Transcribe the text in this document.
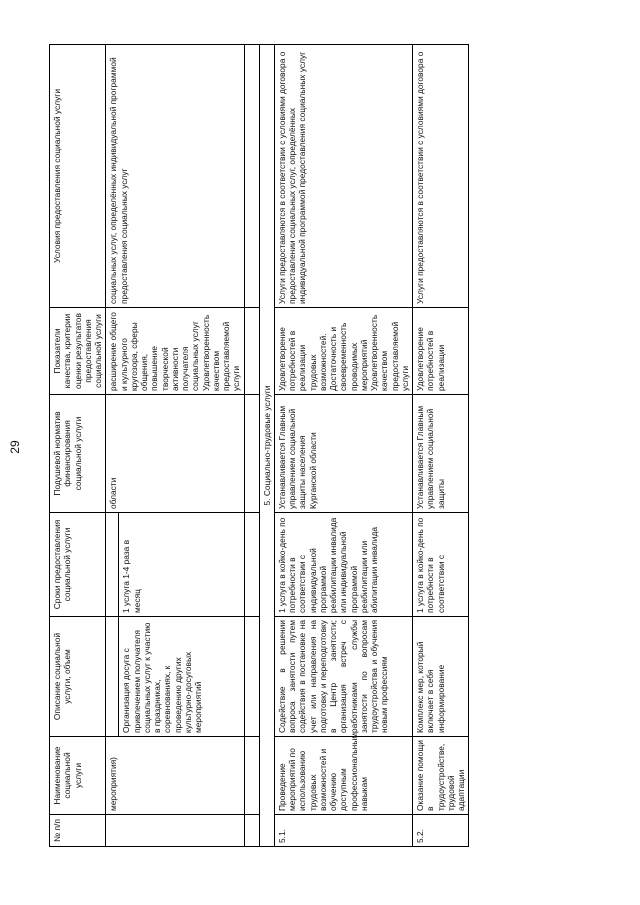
29
№ п/п	Наименование социальной услуги	Описание социальной услуги, объем	Сроки предоставления социальной услуги	Подушевой норматив финансирования социальной услуги	Показатели качества, критерии оценки результатов предоставления социальной услуги	Условия предоставления социальной услуги
	мероприятия)			области	расширение общего и культурного кругозора, сферы общения, повышение творческой активности получателя социальных услуг Удовлетворенность качеством предоставляемой услуги	социальных услуг, определённых индивидуальной программой предоставления социальных услуг
		Организация досуга с привлечением получателя социальных услуг к участию в праздниках, соревнованиях, к проведению других культурно-досуговых мероприятий	1 услуга 1-4 раза в месяц			

5. Социально-трудовые услуги						
5.1.	Проведение мероприятий по использованию трудовых возможностей и обучению доступным профессиональным навыкам	Содействие в решении вопроса занятости путем содействия в постановке на учет или направления на подготовку и переподготовку в Центр занятости; организация встреч с работниками службы занятости по вопросам трудоустройства и обучения новым профессиям	1 услуга в койко-день по потребности в соответствии с индивидуальной программой реабилитации инвалида или индивидуальной программой реабилитации или абилитации инвалида	Устанавливается Главным управлением социальной защиты населения Курганской области	Удовлетворение потребностей в реализации трудовых возможностей. Достаточность и своевременность проводимых мероприятий Удовлетворенность качеством предоставляемой услуги	Услуги предоставляются в соответствии с условиями договора о предоставлении социальных услуг, определённых индивидуальной программой предоставления социальных услуг
5.2.	Оказание помощи в трудоустройстве, трудовой адаптации	Комплекс мер, который включает в себя информирование	1 услуга в койко-день по потребности в соответствии с	Устанавливается Главным управлением социальной защиты	Удовлетворение потребностей в реализации	Услуги предоставляются в соответствии с условиями договора о
